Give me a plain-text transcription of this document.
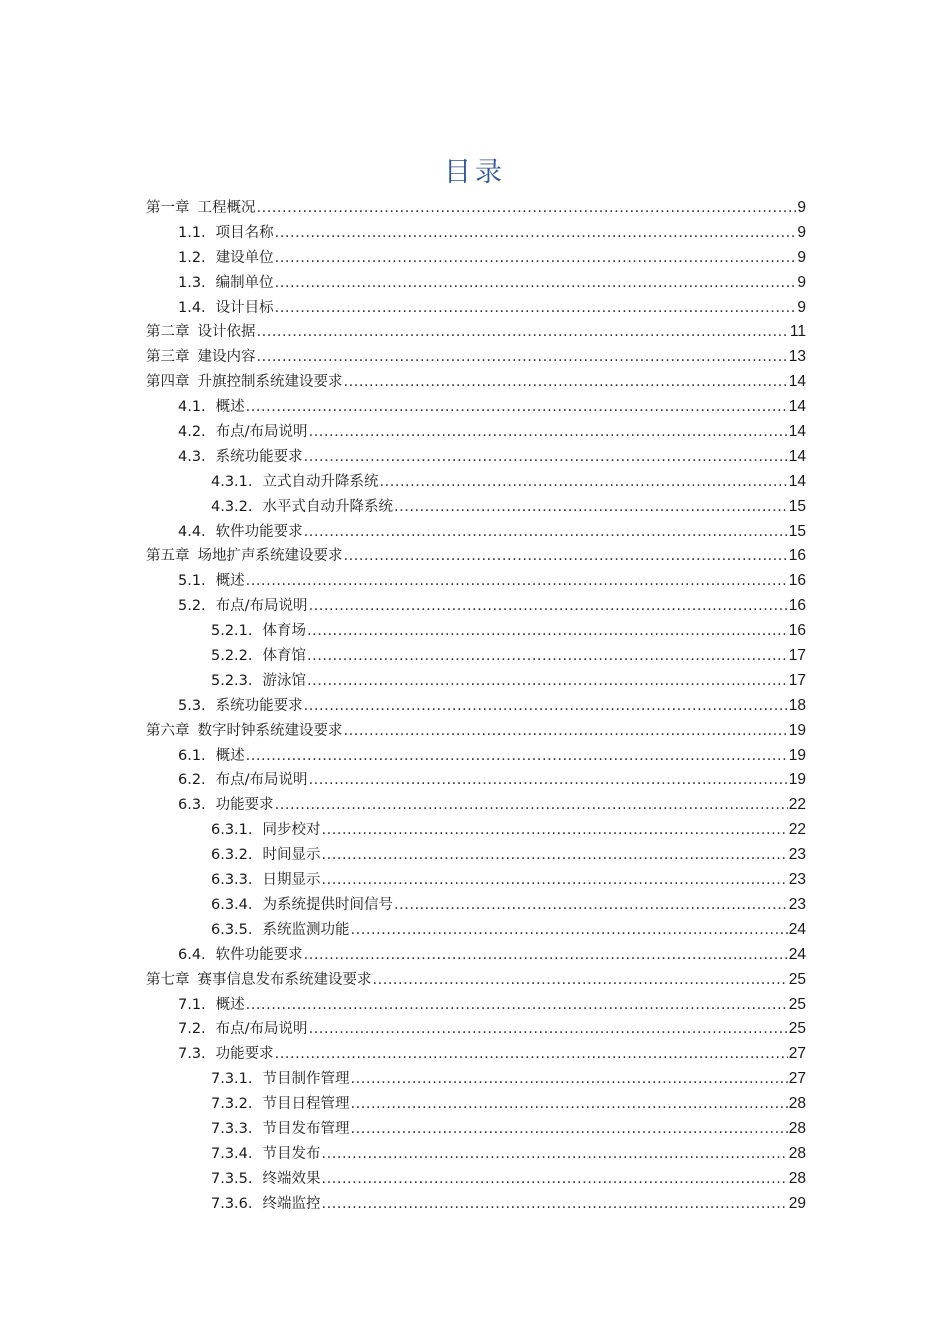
目录
第一章 工程概况 .....	9
1.1. 项目名称 .....	9
1.2. 建设单位 .....	9
1.3. 编制单位 .....	9
1.4. 设计目标 .....	9
第二章 设计依据 .....	11
第三章 建设内容 .....	13
第四章 升旗控制系统建设要求 .....	14
4.1. 概述 .....	14
4.2. 布点/布局说明 .....	14
4.3. 系统功能要求 .....	14
4.3.1. 立式自动升降系统 .....	14
4.3.2. 水平式自动升降系统 .....	15
4.4. 软件功能要求 .....	15
第五章 场地扩声系统建设要求 .....	16
5.1. 概述 .....	16
5.2. 布点/布局说明 .....	16
5.2.1. 体育场 .....	16
5.2.2. 体育馆 .....	17
5.2.3. 游泳馆 .....	17
5.3. 系统功能要求 .....	18
第六章 数字时钟系统建设要求 .....	19
6.1. 概述 .....	19
6.2. 布点/布局说明 .....	19
6.3. 功能要求 .....	22
6.3.1. 同步校对 .....	22
6.3.2. 时间显示 .....	23
6.3.3. 日期显示 .....	23
6.3.4. 为系统提供时间信号 .....	23
6.3.5. 系统监测功能 .....	24
6.4. 软件功能要求 .....	24
第七章 赛事信息发布系统建设要求 .....	25
7.1. 概述 .....	25
7.2. 布点/布局说明 .....	25
7.3. 功能要求 .....	27
7.3.1. 节目制作管理 .....	27
7.3.2. 节目日程管理 .....	28
7.3.3. 节目发布管理 .....	28
7.3.4. 节目发布 .....	28
7.3.5. 终端效果 .....	28
7.3.6. 终端监控 .....	29
